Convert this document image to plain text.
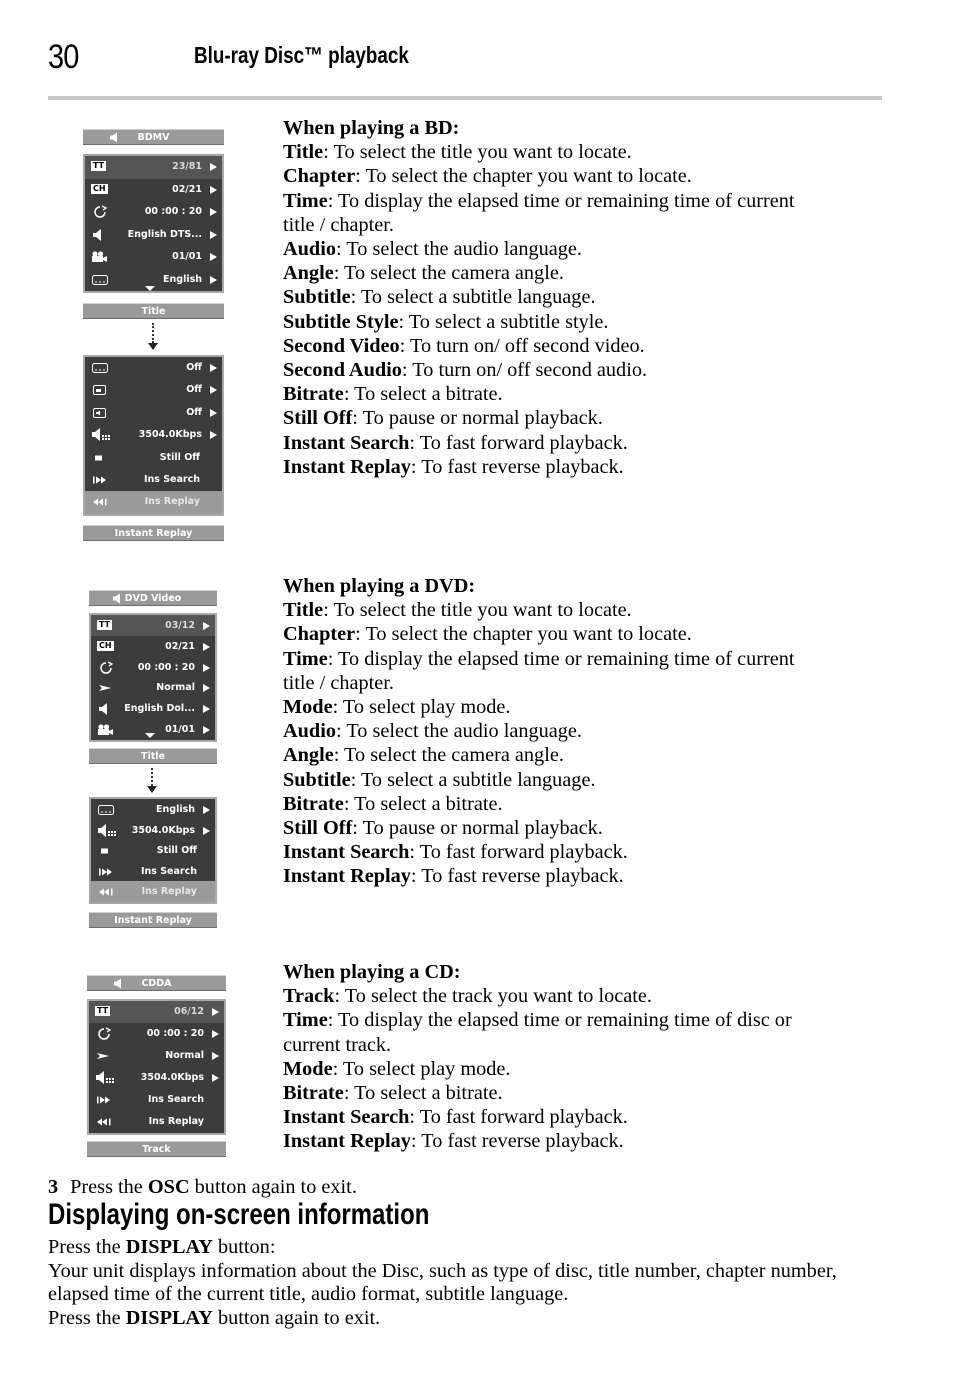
30	Blu-ray Disc™ playback
BDMV
TT	23/81
CH	02/21
00 :00 : 20
English DTS...
01/01
English
Title
Off
Off
Off
3504.0Kbps
Still Off
Ins Search
Ins Replay
Instant Replay
DVD Video
TT	03/12
CH	02/21
00 :00 : 20
Normal
English Dol...
01/01
Title
English
3504.0Kbps
Still Off
Ins Search
Ins Replay
Instant Replay
CDDA
TT	06/12
00 :00 : 20
Normal
3504.0Kbps
Ins Search
Ins Replay
Track

When playing a BD:

Title: To select the title you want to locate.

Chapter: To select the chapter you want to locate.

Time: To display the elapsed time or remaining time of current title / chapter.

Audio: To select the audio language.

Angle: To select the camera angle.

Subtitle: To select a subtitle language.

Subtitle Style: To select a subtitle style.

Second Video: To turn on/ off second video.

Second Audio: To turn on/ off second audio.

Bitrate: To select a bitrate.

Still Off: To pause or normal playback.

Instant Search: To fast forward playback.

Instant Replay: To fast reverse playback.

When playing a DVD:

Title: To select the title you want to locate.

Chapter: To select the chapter you want to locate.

Time: To display the elapsed time or remaining time of current title / chapter.

Mode: To select play mode.

Audio: To select the audio language.

Angle: To select the camera angle.

Subtitle: To select a subtitle language.

Bitrate: To select a bitrate.

Still Off: To pause or normal playback.

Instant Search: To fast forward playback.

Instant Replay: To fast reverse playback.

When playing a CD:

Track: To select the track you want to locate.

Time: To display the elapsed time or remaining time of disc or current track.

Mode: To select play mode.

Bitrate: To select a bitrate.

Instant Search: To fast forward playback.

Instant Replay: To fast reverse playback.

3 Press the OSC button again to exit.
Displaying on-screen information

Press the DISPLAY button:

Your unit displays information about the Disc, such as type of disc, title number, chapter number, elapsed time of the current title, audio format, subtitle language.

Press the DISPLAY button again to exit.
